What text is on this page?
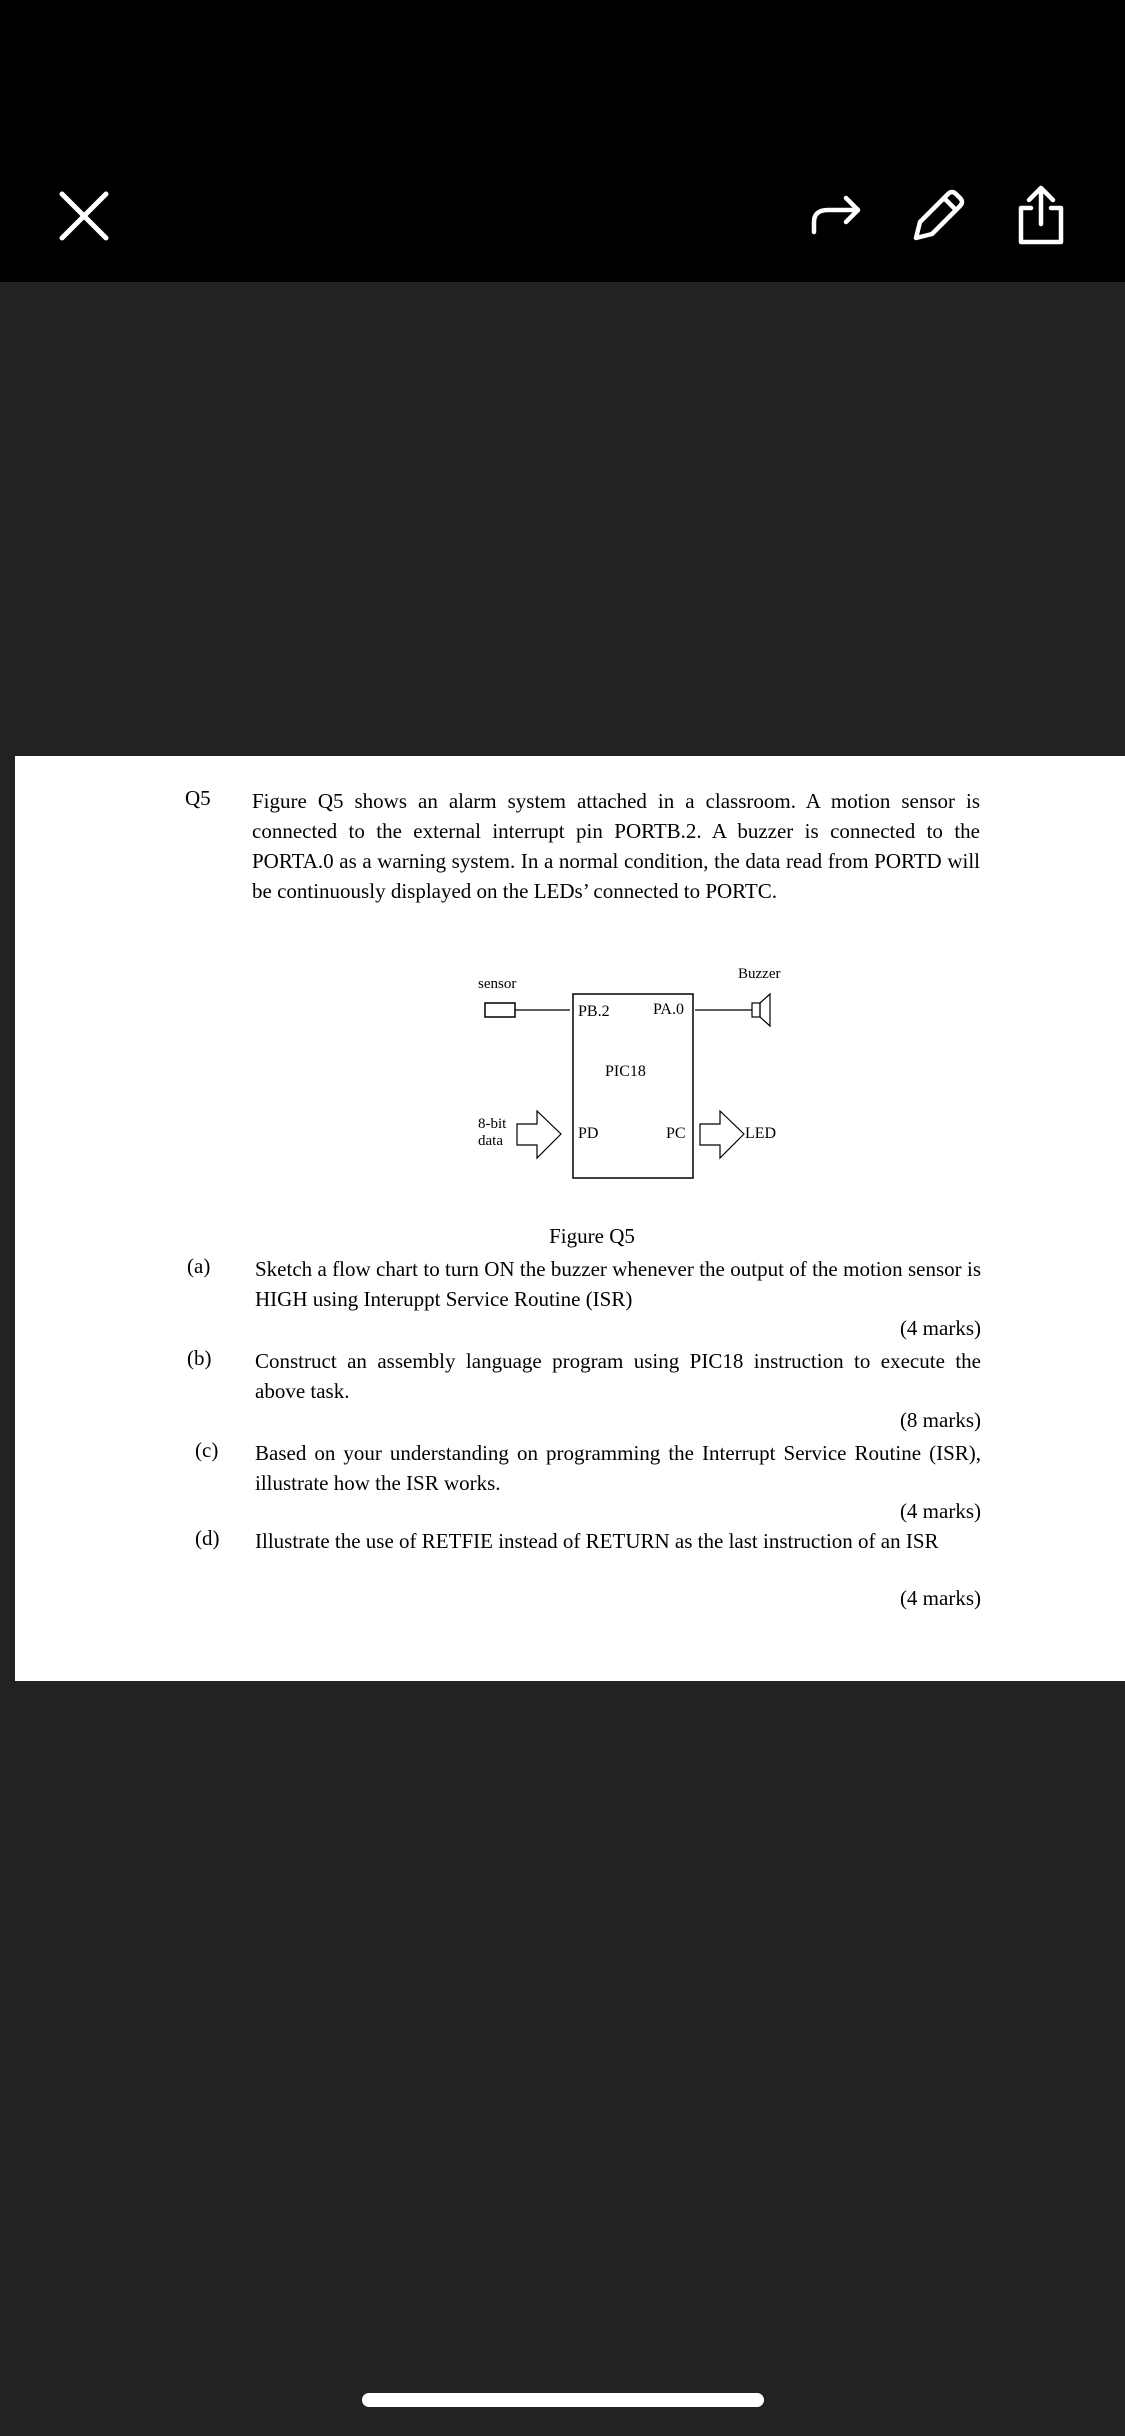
Q5 Figure Q5 shows an alarm system attached in a classroom. A motion sensor is connected to the external interrupt pin PORTB.2. A buzzer is connected to the PORTA.0 as a warning system. In a normal condition, the data read from PORTD will be continuously displayed on the LEDs’ connected to PORTC.
sensor
Buzzer
PB.2	PA.0
PIC18
PD	PC
8-bit
data	LED
Figure Q5
(a) Sketch a flow chart to turn ON the buzzer whenever the output of the motion sensor is HIGH using Interuppt Service Routine (ISR)
(4 marks)
(b) Construct an assembly language program using PIC18 instruction to execute the above task.
(8 marks)
(c) Based on your understanding on programming the Interrupt Service Routine (ISR), illustrate how the ISR works.
(4 marks)
(d) Illustrate the use of RETFIE instead of RETURN as the last instruction of an ISR
(4 marks)
